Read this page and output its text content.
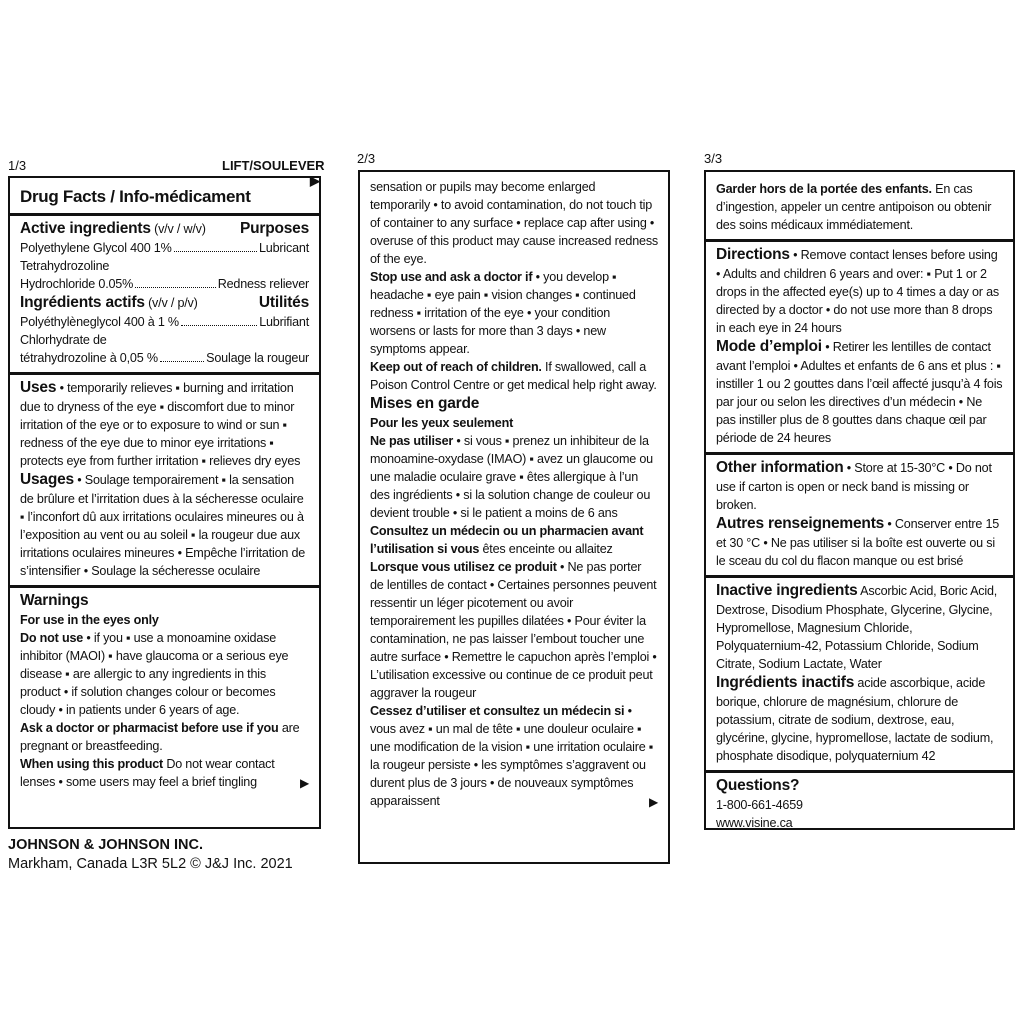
1/3	LIFT/SOULEVER ▶
Drug Facts / Info-médicament
Active ingredients (v/v / w/v) Purposes
Polyethylene Glycol 400 1%	Lubricant
Tetrahydrozoline
Hydrochloride 0.05%	Redness reliever
Ingrédients actifs (v/v / p/v)	Utilités
Polyéthylèneglycol 400 à 1 %	Lubrifiant
Chlorhydrate de
tétrahydrozoline à 0,05 %	Soulage la rougeur
Uses • temporarily relieves ▪ burning and irritation due to dryness of the eye ▪ discomfort due to minor irritation of the eye or to exposure to wind or sun ▪ redness of the eye due to minor eye irritations ▪ protects eye from further irritation ▪ relieves dry eyes
Usages • Soulage temporairement ▪ la sensation de brûlure et l’irritation dues à la sécheresse oculaire ▪ l’inconfort dû aux irritations oculaires mineures ou à l’exposition au vent ou au soleil ▪ la rougeur due aux irritations oculaires mineures • Empêche l’irritation de s’intensifier • Soulage la sécheresse oculaire
Warnings
For use in the eyes only
Do not use • if you ▪ use a monoamine oxidase inhibitor (MAOI) ▪ have glaucoma or a serious eye disease ▪ are allergic to any ingredients in this product • if solution changes colour or becomes cloudy • in patients under 6 years of age.
Ask a doctor or pharmacist before use if you are pregnant or breastfeeding.
When using this product Do not wear contact lenses • some users may feel a brief tingling	▶
JOHNSON & JOHNSON INC.
Markham, Canada L3R 5L2 © J&J Inc. 2021
2/3
sensation or pupils may become enlarged temporarily • to avoid contamination, do not touch tip of container to any surface • replace cap after using • overuse of this product may cause increased redness of the eye.
Stop use and ask a doctor if • you develop ▪ headache ▪ eye pain ▪ vision changes ▪ continued redness ▪ irritation of the eye • your condition worsens or lasts for more than 3 days • new symptoms appear.
Keep out of reach of children. If swallowed, call a Poison Control Centre or get medical help right away.
Mises en garde
Pour les yeux seulement
Ne pas utiliser • si vous ▪ prenez un inhibiteur de la monoamine-oxydase (IMAO) ▪ avez un glaucome ou une maladie oculaire grave ▪ êtes allergique à l’un des ingrédients • si la solution change de couleur ou devient trouble • si le patient a moins de 6 ans
Consultez un médecin ou un pharmacien avant l’utilisation si vous êtes enceinte ou allaitez
Lorsque vous utilisez ce produit • Ne pas porter de lentilles de contact • Certaines personnes peuvent ressentir un léger picotement ou avoir temporairement les pupilles dilatées • Pour éviter la contamination, ne pas laisser l’embout toucher une autre surface • Remettre le capuchon après l’emploi • L’utilisation excessive ou continue de ce produit peut aggraver la rougeur
Cessez d’utiliser et consultez un médecin si • vous avez ▪ un mal de tête ▪ une douleur oculaire ▪ une modification de la vision ▪ une irritation oculaire ▪ la rougeur persiste • les symptômes s’aggravent ou durent plus de 3 jours • de nouveaux symptômes apparaissent	▶
3/3
Garder hors de la portée des enfants. En cas d’ingestion, appeler un centre antipoison ou obtenir des soins médicaux immédiatement.
Directions • Remove contact lenses before using • Adults and children 6 years and over: ▪ Put 1 or 2 drops in the affected eye(s) up to 4 times a day or as directed by a doctor • do not use more than 8 drops in each eye in 24 hours
Mode d’emploi • Retirer les lentilles de contact avant l’emploi • Adultes et enfants de 6 ans et plus : ▪ instiller 1 ou 2 gouttes dans l’œil affecté jusqu’à 4 fois par jour ou selon les directives d’un médecin • Ne pas instiller plus de 8 gouttes dans chaque œil par période de 24 heures
Other information • Store at 15-30°C • Do not use if carton is open or neck band is missing or broken.
Autres renseignements • Conserver entre 15 et 30 °C • Ne pas utiliser si la boîte est ouverte ou si le sceau du col du flacon manque ou est brisé
Inactive ingredients Ascorbic Acid, Boric Acid, Dextrose, Disodium Phosphate, Glycerine, Glycine, Hypromellose, Magnesium Chloride, Polyquaternium-42, Potassium Chloride, Sodium Citrate, Sodium Lactate, Water
Ingrédients inactifs acide ascorbique, acide borique, chlorure de magnésium, chlorure de potassium, citrate de sodium, dextrose, eau, glycérine, glycine, hypromellose, lactate de sodium, phosphate disodique, polyquaternium 42
Questions?
1-800-661-4659
www.visine.ca
